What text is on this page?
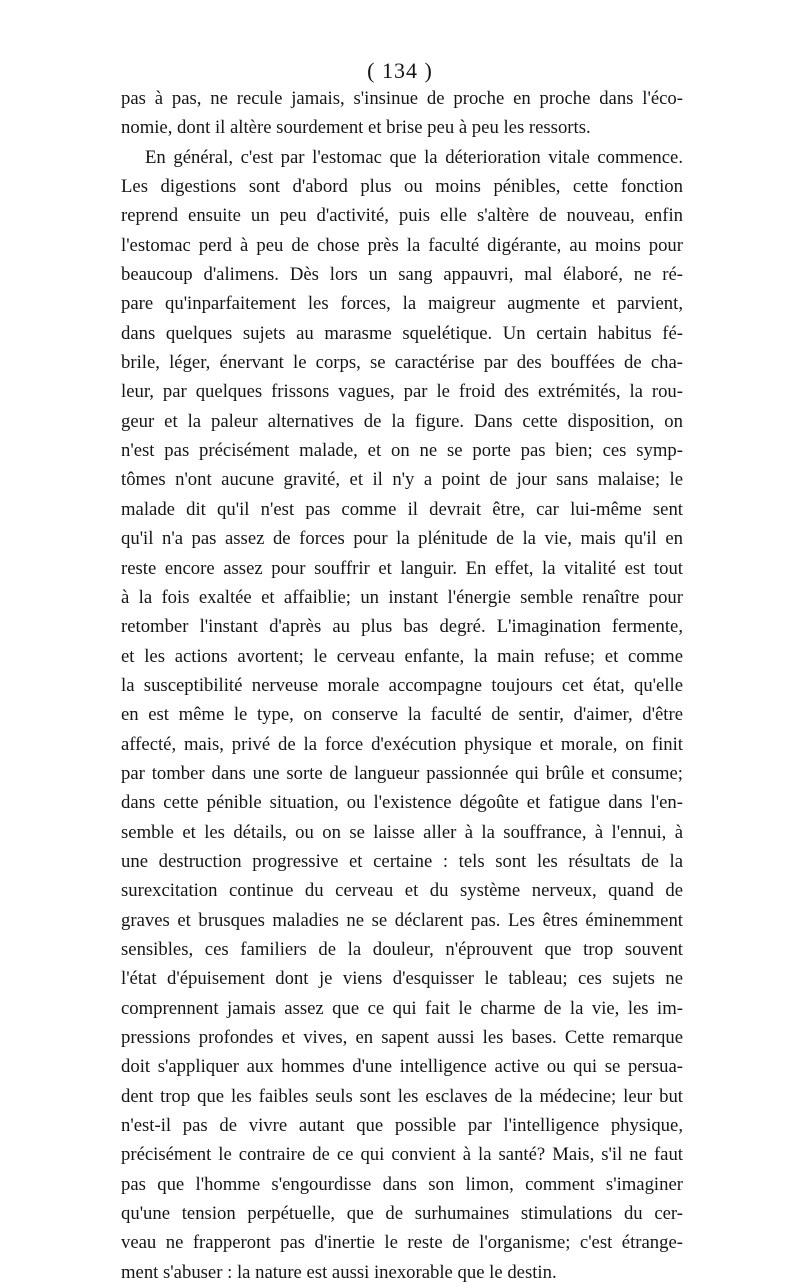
( 134 )
pas à pas, ne recule jamais, s'insinue de proche en proche dans l'éco-
nomie, dont il altère sourdement et brise peu à peu les ressorts.
En général, c'est par l'estomac que la déterioration vitale commence.
Les digestions sont d'abord plus ou moins pénibles, cette fonction
reprend ensuite un peu d'activité, puis elle s'altère de nouveau, enfin
l'estomac perd à peu de chose près la faculté digérante, au moins pour
beaucoup d'alimens. Dès lors un sang appauvri, mal élaboré, ne ré-
pare qu'inparfaitement les forces, la maigreur augmente et parvient,
dans quelques sujets au marasme squelétique. Un certain habitus fé-
brile, léger, énervant le corps, se caractérise par des bouffées de cha-
leur, par quelques frissons vagues, par le froid des extrémités, la rou-
geur et la paleur alternatives de la figure. Dans cette disposition, on
n'est pas précisément malade, et on ne se porte pas bien; ces symp-
tômes n'ont aucune gravité, et il n'y a point de jour sans malaise; le
malade dit qu'il n'est pas comme il devrait être, car lui-même sent
qu'il n'a pas assez de forces pour la plénitude de la vie, mais qu'il en
reste encore assez pour souffrir et languir. En effet, la vitalité est tout
à la fois exaltée et affaiblie; un instant l'énergie semble renaître pour
retomber l'instant d'après au plus bas degré. L'imagination fermente,
et les actions avortent; le cerveau enfante, la main refuse; et comme
la susceptibilité nerveuse morale accompagne toujours cet état, qu'elle
en est même le type, on conserve la faculté de sentir, d'aimer, d'être
affecté, mais, privé de la force d'exécution physique et morale, on finit
par tomber dans une sorte de langueur passionnée qui brûle et consume;
dans cette pénible situation, ou l'existence dégoûte et fatigue dans l'en-
semble et les détails, ou on se laisse aller à la souffrance, à l'ennui, à
une destruction progressive et certaine : tels sont les résultats de la
surexcitation continue du cerveau et du système nerveux, quand de
graves et brusques maladies ne se déclarent pas. Les êtres éminemment
sensibles, ces familiers de la douleur, n'éprouvent que trop souvent
l'état d'épuisement dont je viens d'esquisser le tableau; ces sujets ne
comprennent jamais assez que ce qui fait le charme de la vie, les im-
pressions profondes et vives, en sapent aussi les bases. Cette remarque
doit s'appliquer aux hommes d'une intelligence active ou qui se persua-
dent trop que les faibles seuls sont les esclaves de la médecine; leur but
n'est-il pas de vivre autant que possible par l'intelligence physique,
précisément le contraire de ce qui convient à la santé? Mais, s'il ne faut
pas que l'homme s'engourdisse dans son limon, comment s'imaginer
qu'une tension perpétuelle, que de surhumaines stimulations du cer-
veau ne frapperont pas d'inertie le reste de l'organisme; c'est étrange-
ment s'abuser : la nature est aussi inexorable que le destin.
